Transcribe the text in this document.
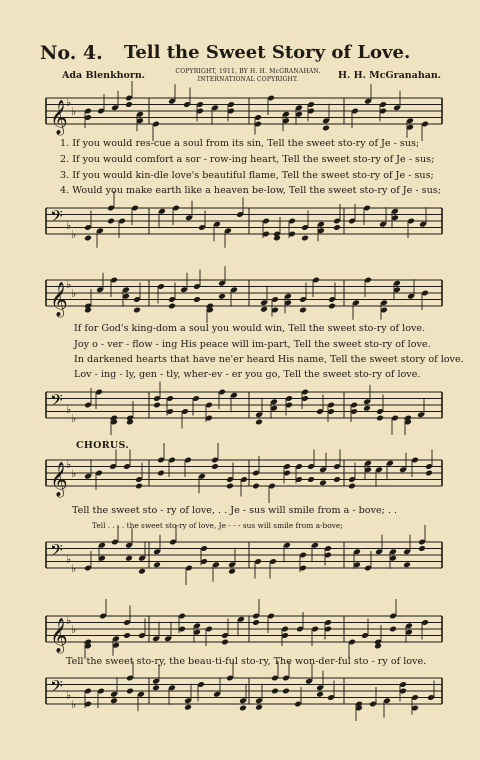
No. 4. Tell the Sweet Story of Love.
Ada Blenkhorn.	COPYRIGHT, 1911, BY H. H. McGRANAHAN.
INTERNATIONAL COPYRIGHT.	H. H. McGranahan.
𝄞
♭
♭
1. If you would res-cue a soul from its sin, Tell the sweet sto-ry of Je - sus;
2. If you would comfort a sor - row-ing heart, Tell the sweet sto-ry of Je - sus;
3. If you would kin-dle love's beautiful flame, Tell the sweet sto-ry of Je - sus;
4. Would you make earth like a heaven be-low, Tell the sweet sto-ry of Je - sus;
𝄢 ♭
♭
𝄞
♭
♭
If for God's king-dom a soul you would win, Tell the sweet sto-ry of love.
Joy o - ver - flow - ing His peace will im-part, Tell the sweet sto-ry of love.
In darkened hearts that have ne'er heard His name, Tell the sweet story of love.
Lov - ing - ly, gen - tly, wher-ev - er you go, Tell the sweet sto-ry of love.
𝄢 ♭
♭
CHORUS.
𝄞
♭
♭
Tell the sweet sto - ry of love, . . Je - sus will smile from a - bove; . .
Tell . . . . the sweet sto-ry of love, Je - - - sus will smile from a-bove;
𝄢 ♭
♭
𝄞
♭
♭
Tell the sweet sto-ry, the beau-ti-ful sto-ry, The won-der-ful sto - ry of love.
𝄢 ♭
♭
